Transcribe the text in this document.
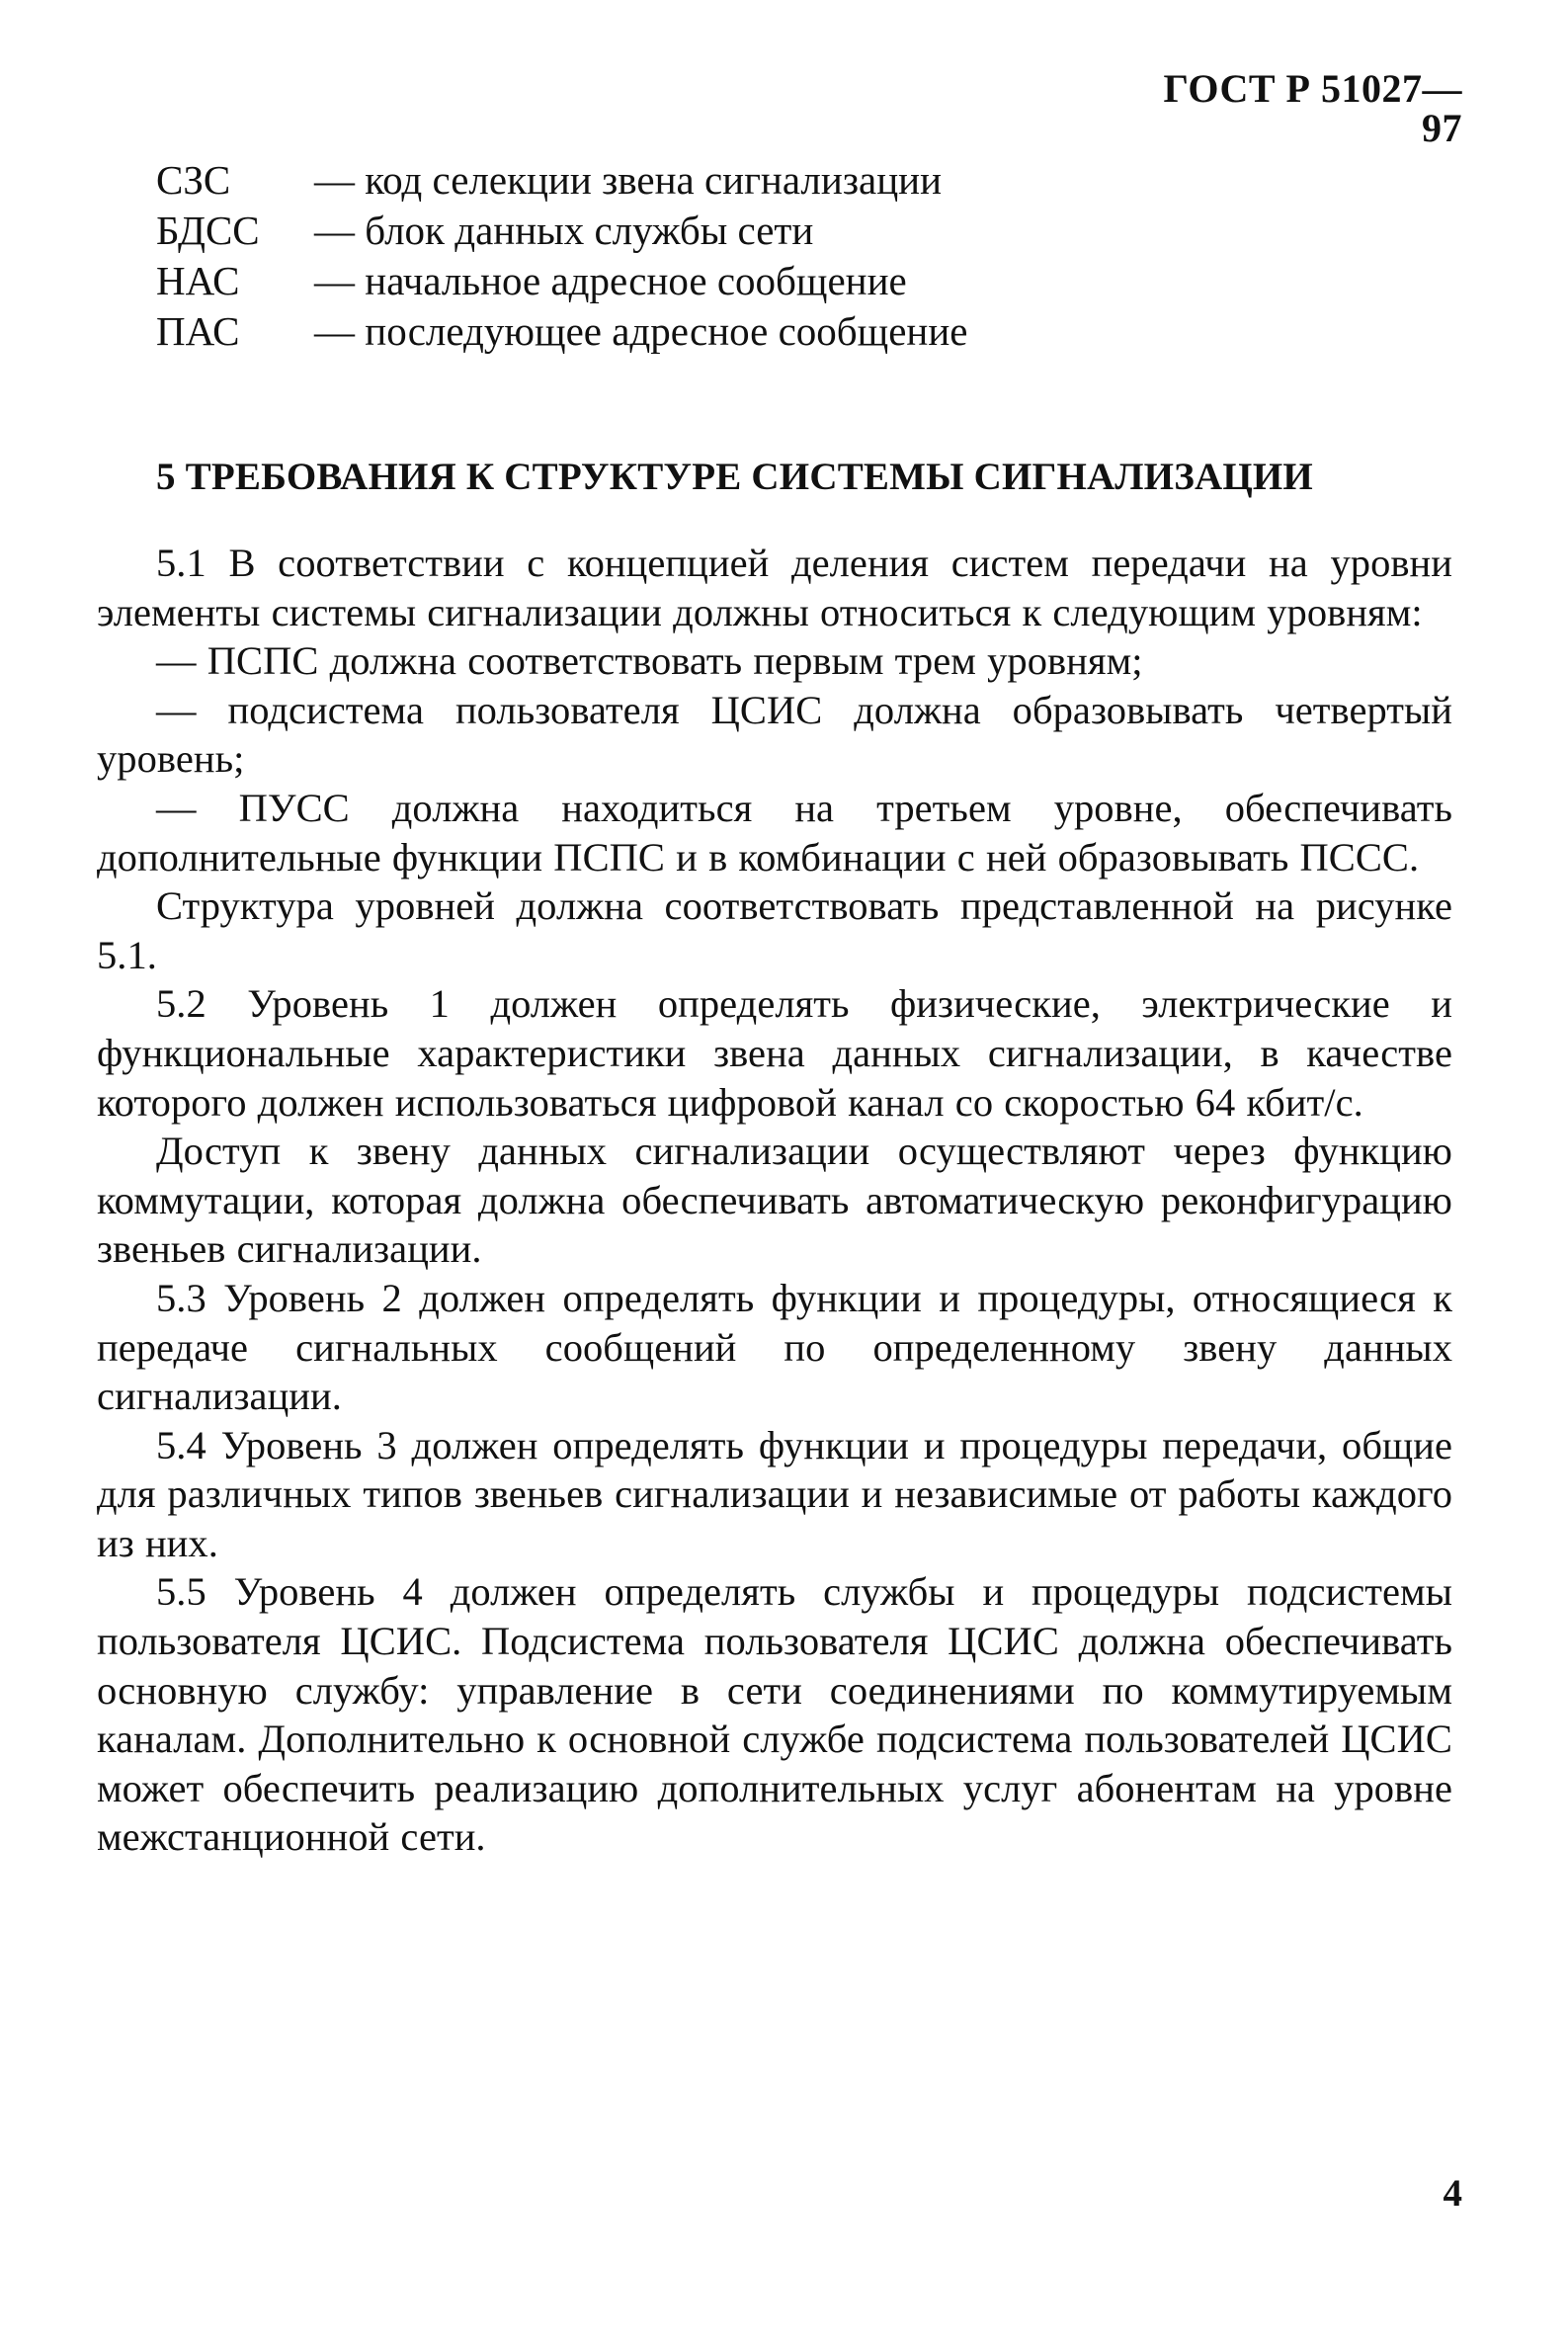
ГОСТ Р 51027—97
СЗС	— код селекции звена сигнализации
БДСС	— блок данных службы сети
НАС	— начальное адресное сообщение
ПАС	— последующее адресное сообщение
5 ТРЕБОВАНИЯ К СТРУКТУРЕ СИСТЕМЫ СИГНАЛИЗАЦИИ

5.1 В соответствии с концепцией деления систем передачи на уровни элементы системы сигнализации должны относиться к следующим уровням:

— ПСПС должна соответствовать первым трем уровням;

— подсистема пользователя ЦСИС должна образовывать четвертый уровень;

— ПУСС должна находиться на третьем уровне, обеспечивать дополнительные функции ПСПС и в комбинации с ней образовывать ПССС.

Структура уровней должна соответствовать представленной на рисунке 5.1.

5.2 Уровень 1 должен определять физические, электрические и функциональные характеристики звена данных сигнализации, в качестве которого должен использоваться цифровой канал со скоростью 64 кбит/с.

Доступ к звену данных сигнализации осуществляют через функцию коммутации, которая должна обеспечивать автоматическую реконфигурацию звеньев сигнализации.

5.3 Уровень 2 должен определять функции и процедуры, относящиеся к передаче сигнальных сообщений по определенному звену данных сигнализации.

5.4 Уровень 3 должен определять функции и процедуры передачи, общие для различных типов звеньев сигнализации и независимые от работы каждого из них.

5.5 Уровень 4 должен определять службы и процедуры подсистемы пользователя ЦСИС. Подсистема пользователя ЦСИС должна обеспечивать основную службу: управление в сети соединениями по коммутируемым каналам. Дополнительно к основной службе подсистема пользователей ЦСИС может обеспечить реализацию дополнительных услуг абонентам на уровне межстанционной сети.

4
